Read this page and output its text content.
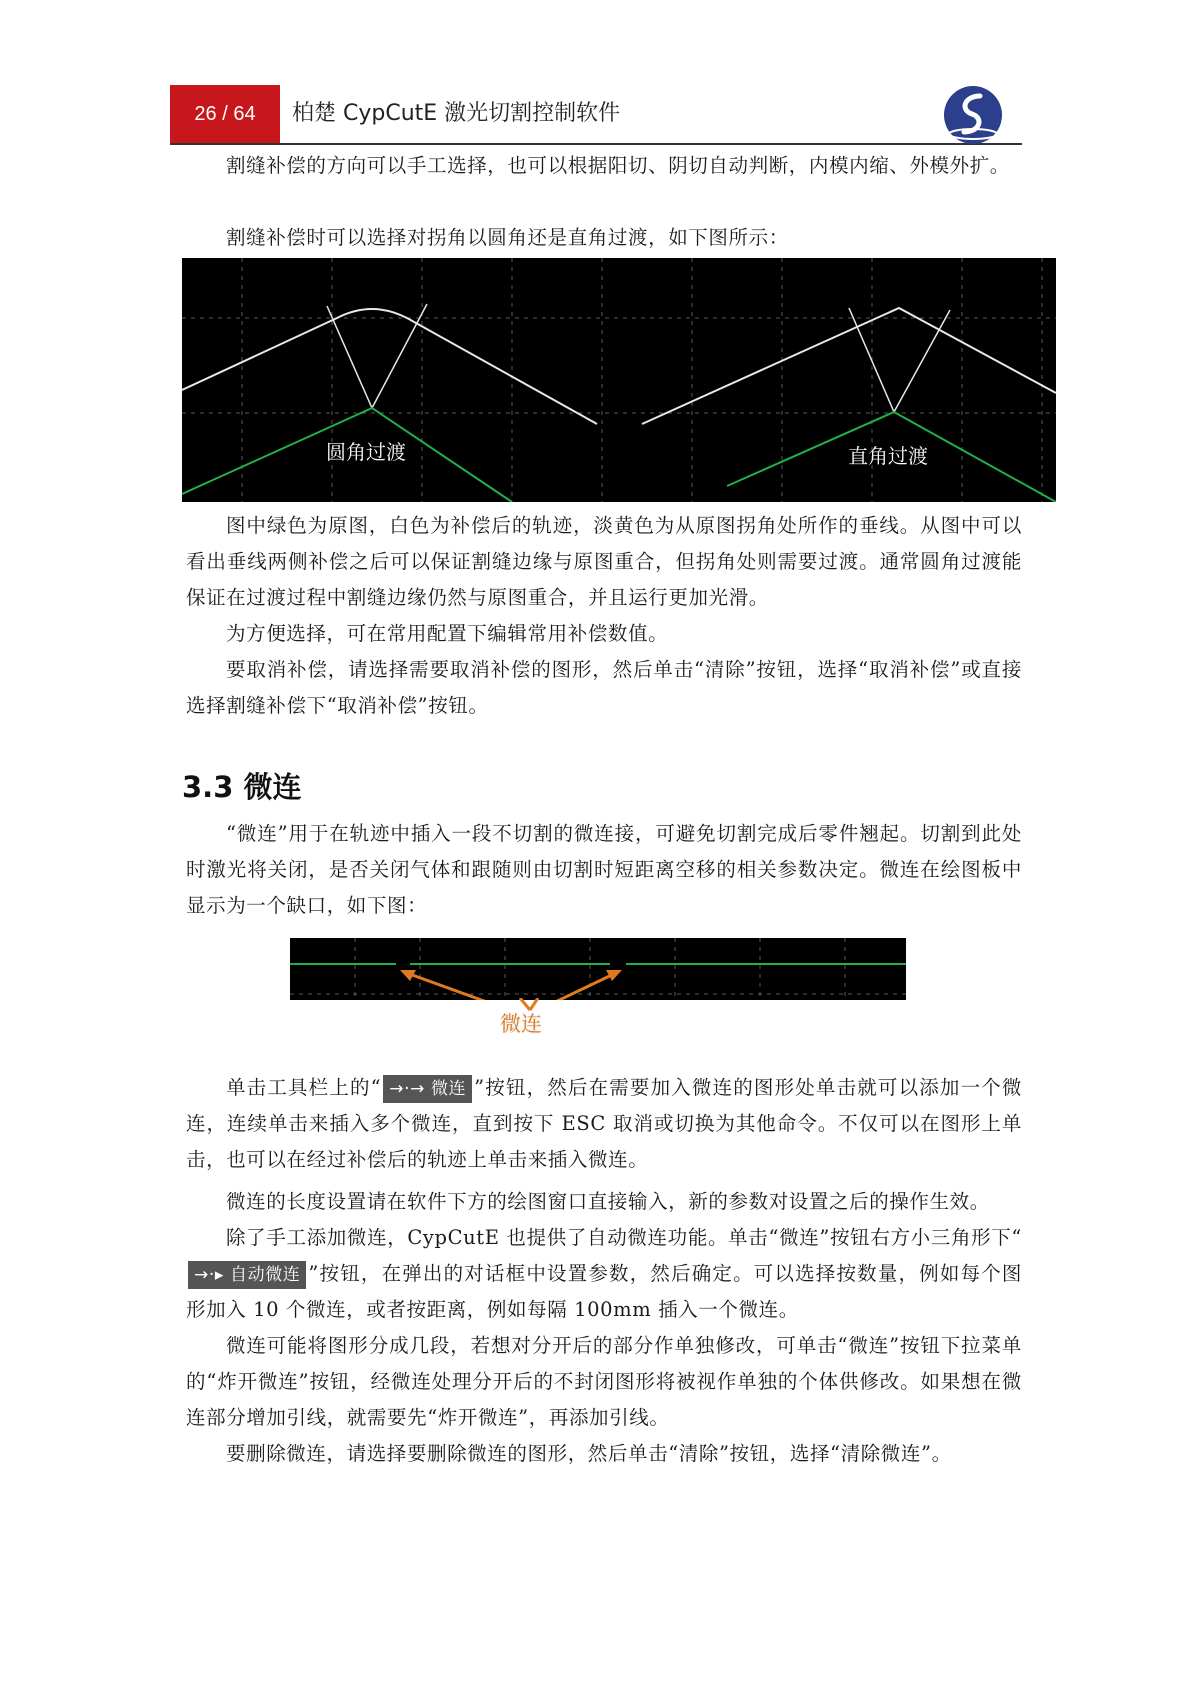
26 / 64 柏楚 CypCutE 激光切割控制软件

割缝补偿的方向可以手工选择，也可以根据阳切、阴切自动判断，内模内缩、外模外扩。

割缝补偿时可以选择对拐角以圆角还是直角过渡，如下图所示：

圆角过渡	直角过渡

图中绿色为原图，白色为补偿后的轨迹，淡黄色为从原图拐角处所作的垂线。从图中可以看出垂线两侧补偿之后可以保证割缝边缘与原图重合，但拐角处则需要过渡。通常圆角过渡能保证在过渡过程中割缝边缘仍然与原图重合，并且运行更加光滑。

为方便选择，可在常用配置下编辑常用补偿数值。

要取消补偿，请选择需要取消补偿的图形，然后单击“清除”按钮，选择“取消补偿”或直接选择割缝补偿下“取消补偿”按钮。

3.3 微连

“微连”用于在轨迹中插入一段不切割的微连接，可避免切割完成后零件翘起。切割到此处时激光将关闭，是否关闭气体和跟随则由切割时短距离空移的相关参数决定。微连在绘图板中显示为一个缺口，如下图：

微连

单击工具栏上的“ →‧→ 微连 ”按钮，然后在需要加入微连的图形处单击就可以添加一个微连，连续单击来插入多个微连，直到按下 ESC 取消或切换为其他命令。不仅可以在图形上单击，也可以在经过补偿后的轨迹上单击来插入微连。

微连的长度设置请在软件下方的绘图窗口直接输入，新的参数对设置之后的操作生效。

除了手工添加微连，CypCutE 也提供了自动微连功能。单击“微连”按钮右方小三角形下“→‧▸ 自动微连 ”按钮，在弹出的对话框中设置参数，然后确定。可以选择按数量，例如每个图形加入 10 个微连，或者按距离，例如每隔 100mm 插入一个微连。

微连可能将图形分成几段，若想对分开后的部分作单独修改，可单击“微连”按钮下拉菜单的“炸开微连”按钮，经微连处理分开后的不封闭图形将被视作单独的个体供修改。如果想在微连部分增加引线，就需要先“炸开微连”，再添加引线。

要删除微连，请选择要删除微连的图形，然后单击“清除”按钮，选择“清除微连”。
